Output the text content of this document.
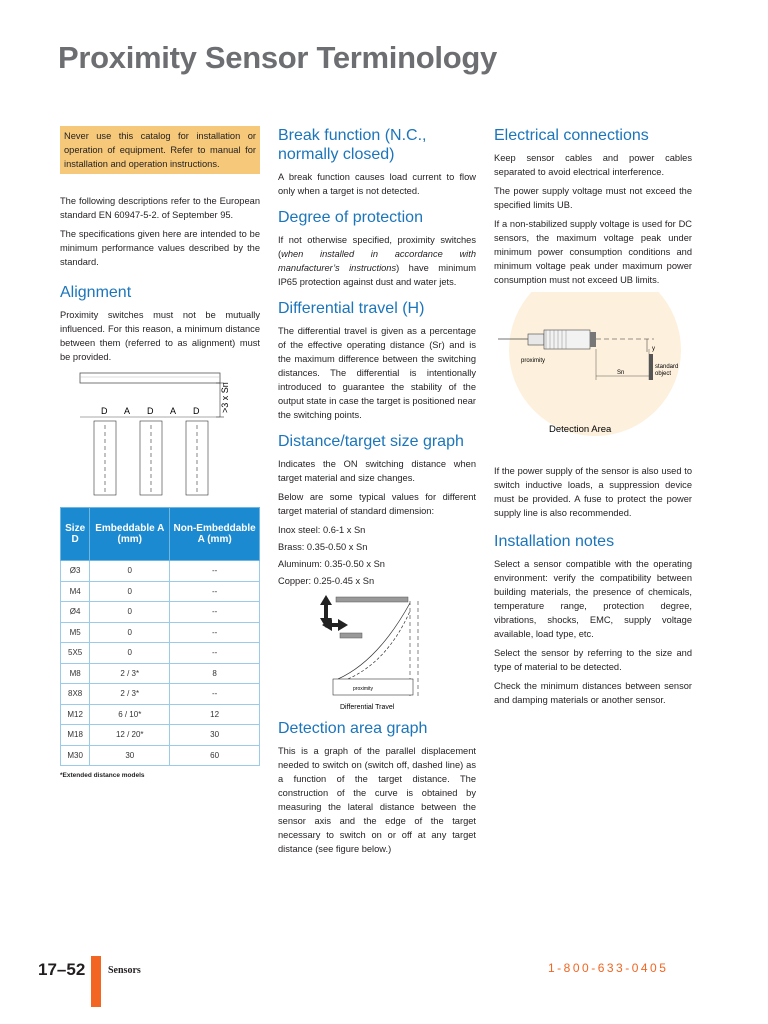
Proximity Sensor Terminology
Never use this catalog for installation or operation of equipment. Refer to manual for installation and operation instructions.

The following descriptions refer to the European standard EN 60947-5-2. of September 95.

The specifications given here are intended to be minimum performance values described by the standard.

Alignment

Proximity switches must not be mutually influenced. For this reason, a minimum distance between them (referred to as alignment) must be provided.

>3 x Sn
D A D A D
Size D	Embeddable A (mm)	Non-Embeddable A (mm)
Ø3	0	--
M4	0	--
Ø4	0	--
M5	0	--
5X5	0	--
M8	2 / 3*	8
8X8	2 / 3*	--
M12	6 / 10*	12
M18	12 / 20*	30
M30	30	60
*Extended distance models
Break function (N.C., normally closed)

A break function causes load current to flow only when a target is not detected.

Degree of protection

If not otherwise specified, proximity switches (when installed in accordance with manufacturer’s instructions) have minimum IP65 protection against dust and water jets.

Differential travel (H)

The differential travel is given as a percentage of the effective operating distance (Sr) and is the maximum difference between the switching distances. The differential is intentionally introduced to guarantee the stability of the output state in case the target is positioned near the switching points.

Distance/target size graph

Indicates the ON switching distance when target material and size changes.

Below are some typical values for different target material of standard dimension:

Inox steel: 0.6-1 x Sn

Brass: 0.35-0.50 x Sn

Aluminum: 0.35-0.50 x Sn

Copper: 0.25-0.45 x Sn

proximity
Differential Travel
Detection area graph

This is a graph of the parallel displacement needed to switch on (switch off, dashed line) as a function of the target distance. The construction of the curve is obtained by measuring the lateral distance between the sensor axis and the edge of the target necessary to switch on or off at any target distance (see figure below.)

Electrical connections

Keep sensor cables and power cables separated to avoid electrical interference.

The power supply voltage must not exceed the specified limits UB.

If a non-stabilized supply voltage is used for DC sensors, the maximum voltage peak under minimum power consumption conditions and minimum voltage peak under maximum power consumption must not exceed UB limits.

proximity
Sn
y
standard
object
Detection Area

If the power supply of the sensor is also used to switch inductive loads, a suppression device must be provided. A fuse to protect the power supply line is also recommended.

Installation notes

Select a sensor compatible with the operating environment: verify the compatibility between building materials, the presence of chemicals, temperature range, protection degree, vibrations, shocks, EMC, supply voltage available, load type, etc.

Select the sensor by referring to the size and type of material to be detected.

Check the minimum distances between sensor and damping materials or another sensor.

17–52 Sensors	1-800-633-0405
